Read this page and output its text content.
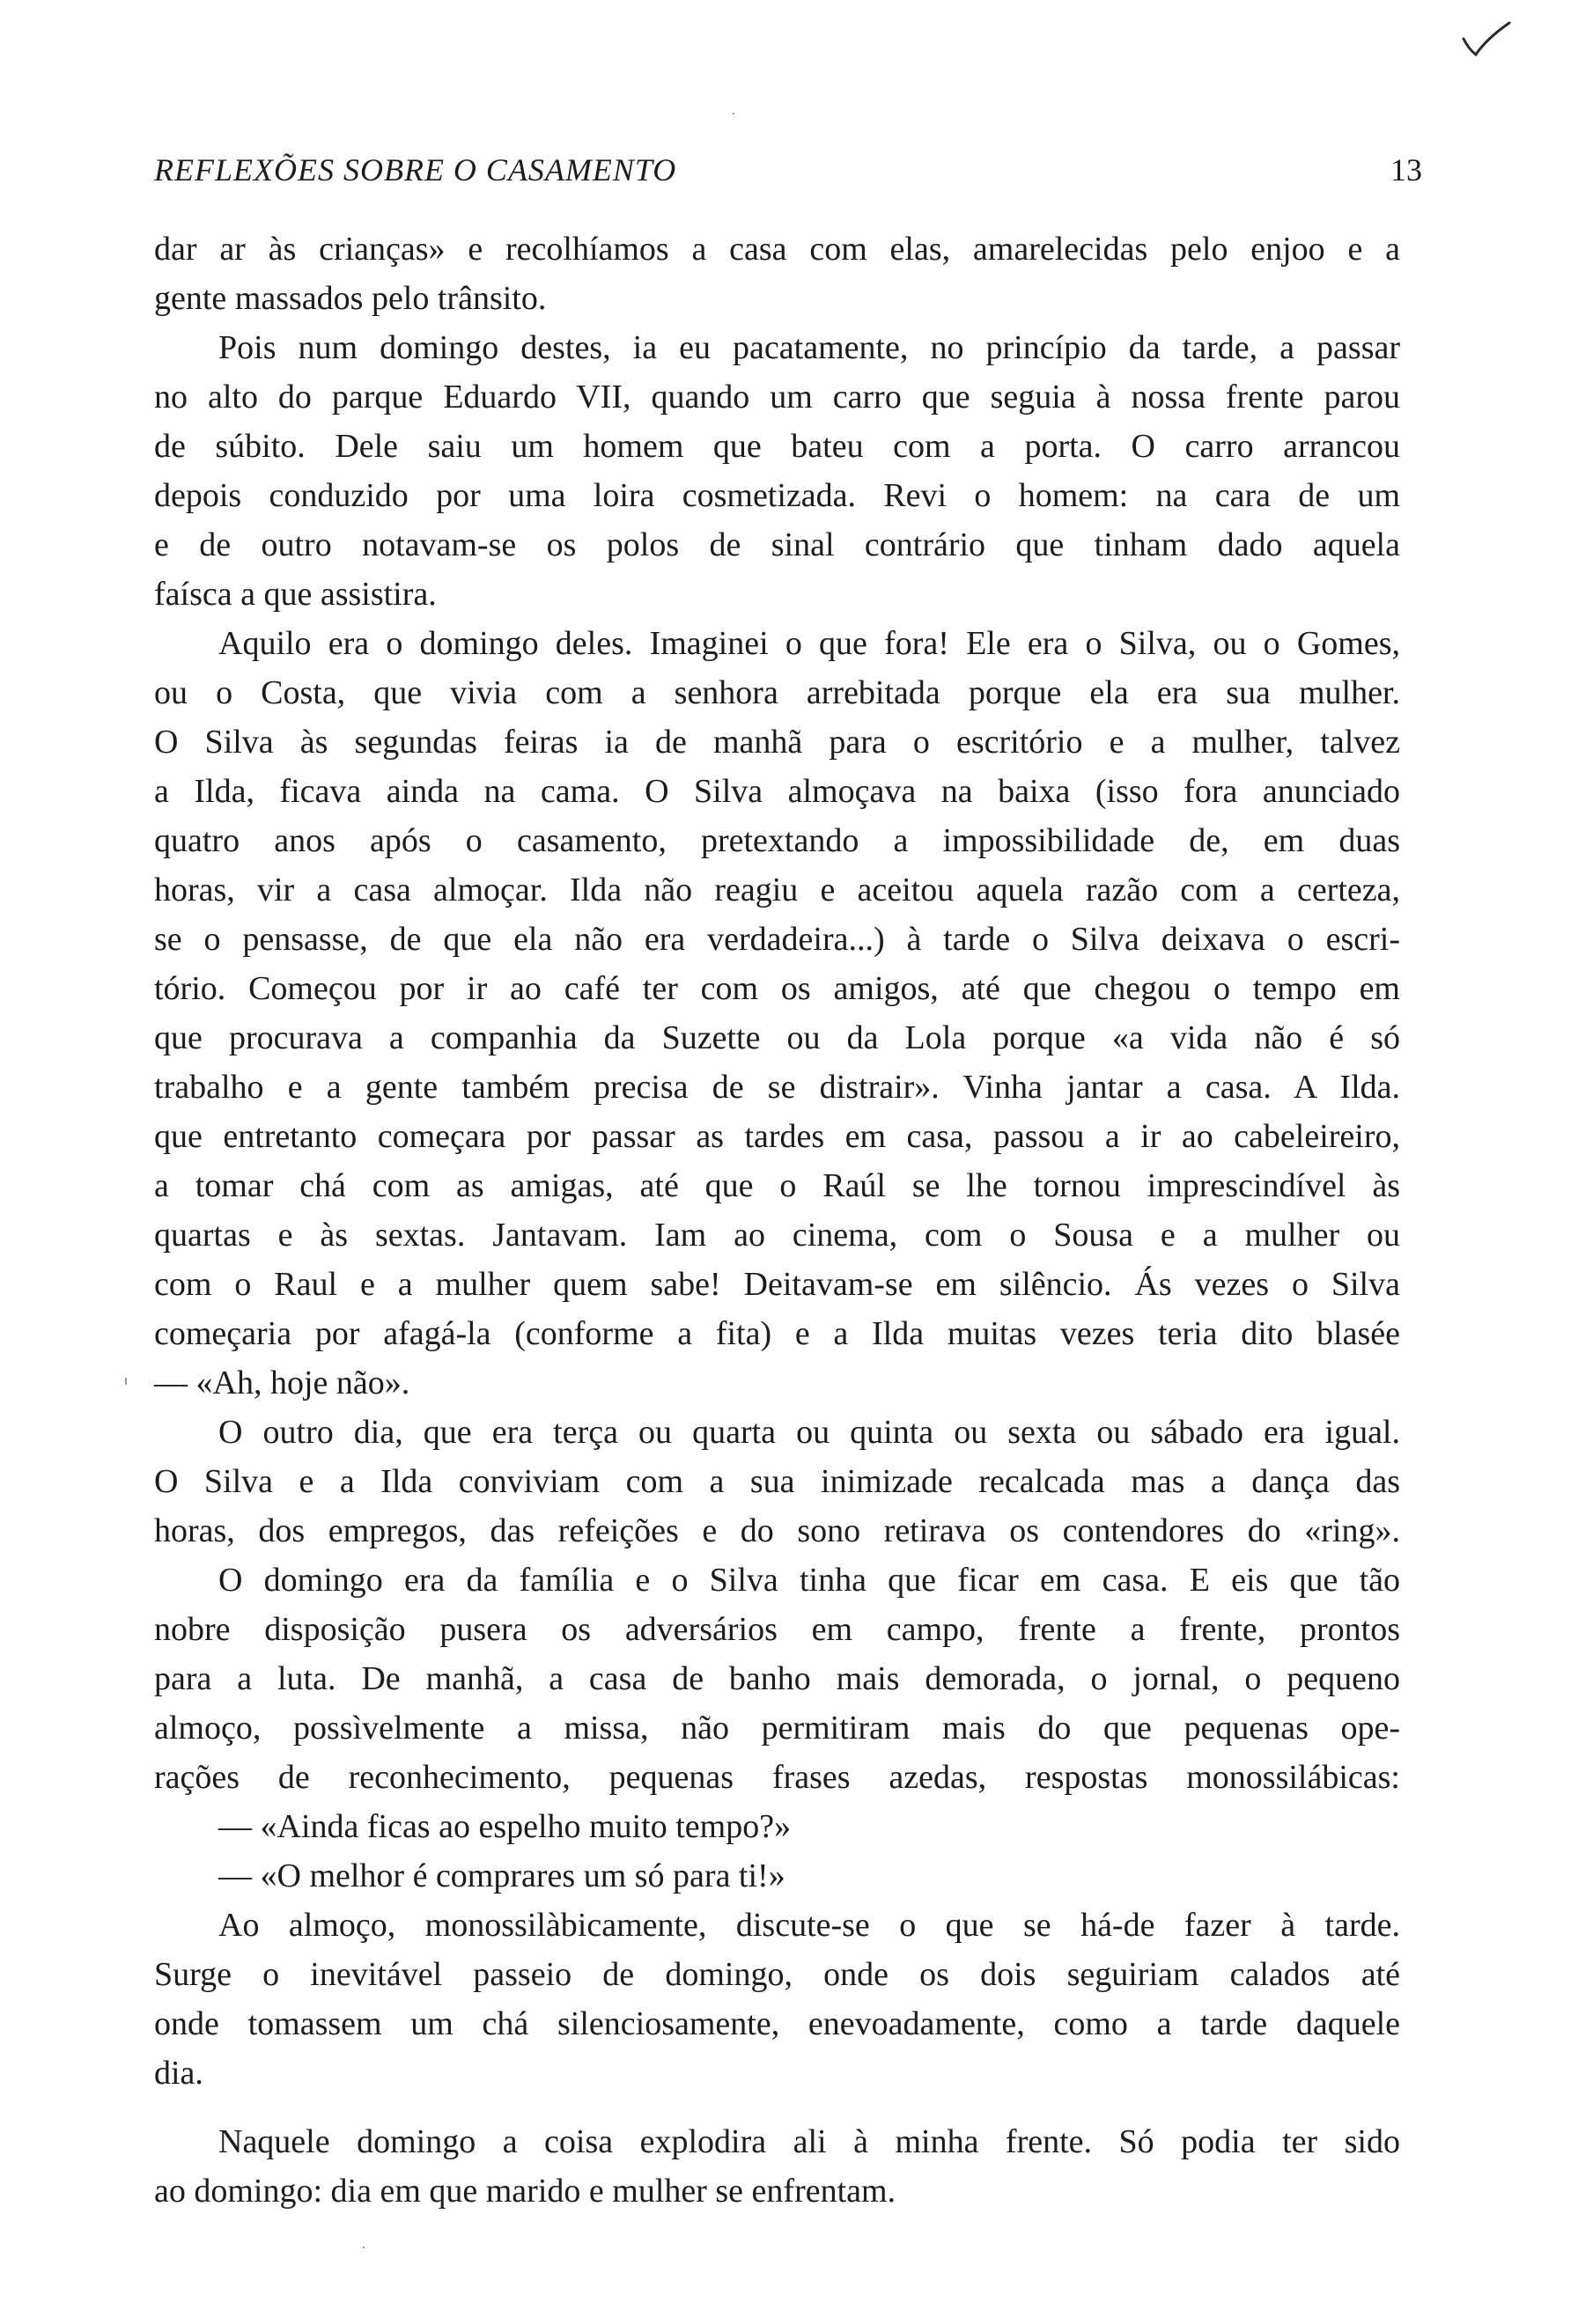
REFLEXÕES SOBRE O CASAMENTO	13
dar ar às crianças» e recolhíamos a casa com elas, amarelecidas pelo enjoo e a
gente massados pelo trânsito.
Pois num domingo destes, ia eu pacatamente, no princípio da tarde, a passar
no alto do parque Eduardo VII, quando um carro que seguia à nossa frente parou
de súbito. Dele saiu um homem que bateu com a porta. O carro arrancou
depois conduzido por uma loira cosmetizada. Revi o homem: na cara de um
e de outro notavam-se os polos de sinal contrário que tinham dado aquela
faísca a que assistira.
Aquilo era o domingo deles. Imaginei o que fora! Ele era o Silva, ou o Gomes,
ou o Costa, que vivia com a senhora arrebitada porque ela era sua mulher.
O Silva às segundas feiras ia de manhã para o escritório e a mulher, talvez
a Ilda, ficava ainda na cama. O Silva almoçava na baixa (isso fora anunciado
quatro anos após o casamento, pretextando a impossibilidade de, em duas
horas, vir a casa almoçar. Ilda não reagiu e aceitou aquela razão com a certeza,
se o pensasse, de que ela não era verdadeira...) à tarde o Silva deixava o escri-
tório. Começou por ir ao café ter com os amigos, até que chegou o tempo em
que procurava a companhia da Suzette ou da Lola porque «a vida não é só
trabalho e a gente também precisa de se distrair». Vinha jantar a casa. A Ilda.
que entretanto começara por passar as tardes em casa, passou a ir ao cabeleireiro,
a tomar chá com as amigas, até que o Raúl se lhe tornou imprescindível às
quartas e às sextas. Jantavam. Iam ao cinema, com o Sousa e a mulher ou
com o Raul e a mulher quem sabe! Deitavam-se em silêncio. Ás vezes o Silva
começaria por afagá-la (conforme a fita) e a Ilda muitas vezes teria dito blasée
— «Ah, hoje não».
O outro dia, que era terça ou quarta ou quinta ou sexta ou sábado era igual.
O Silva e a Ilda conviviam com a sua inimizade recalcada mas a dança das
horas, dos empregos, das refeições e do sono retirava os contendores do «ring».
O domingo era da família e o Silva tinha que ficar em casa. E eis que tão
nobre disposição pusera os adversários em campo, frente a frente, prontos
para a luta. De manhã, a casa de banho mais demorada, o jornal, o pequeno
almoço, possìvelmente a missa, não permitiram mais do que pequenas ope-
rações de reconhecimento, pequenas frases azedas, respostas monossilábicas:
— «Ainda ficas ao espelho muito tempo?»
— «O melhor é comprares um só para ti!»
Ao almoço, monossilàbicamente, discute-se o que se há-de fazer à tarde.
Surge o inevitável passeio de domingo, onde os dois seguiriam calados até
onde tomassem um chá silenciosamente, enevoadamente, como a tarde daquele
dia.
Naquele domingo a coisa explodira ali à minha frente. Só podia ter sido
ao domingo: dia em que marido e mulher se enfrentam.
